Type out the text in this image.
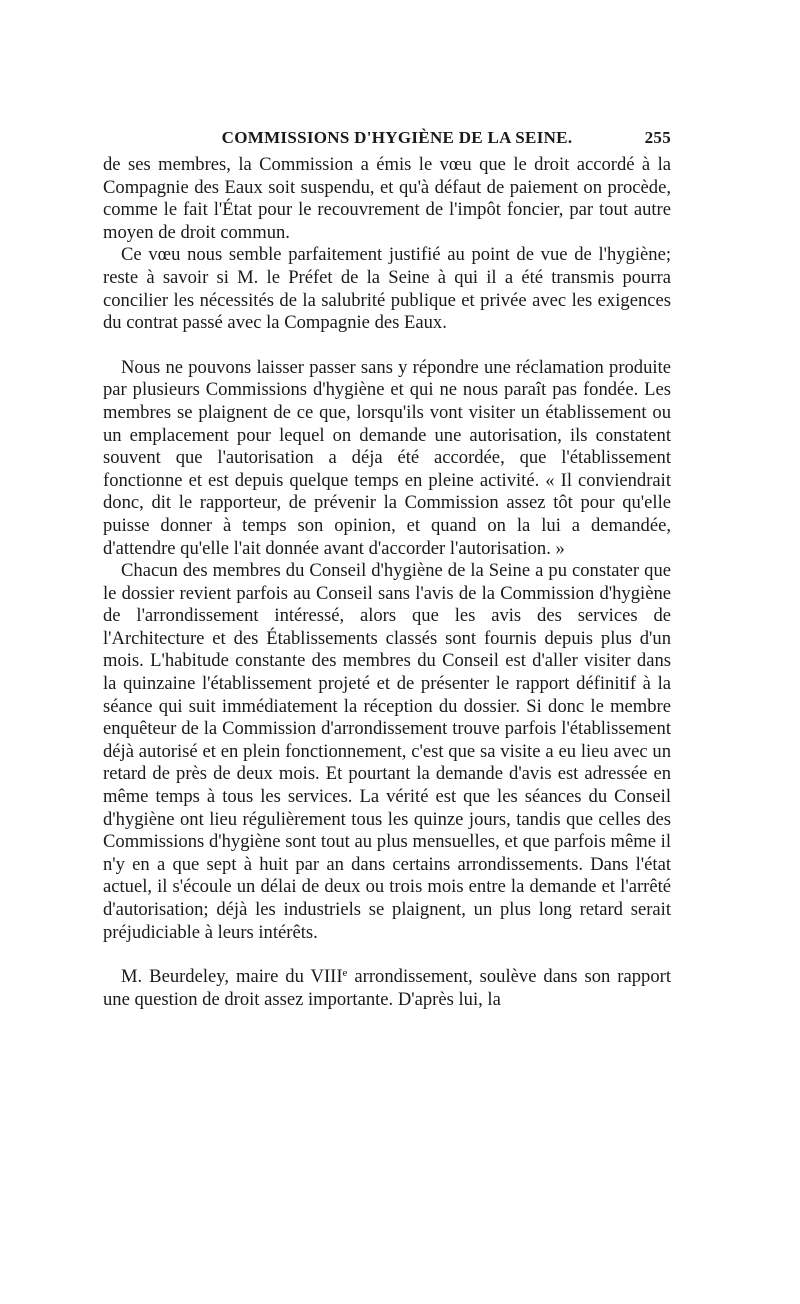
COMMISSIONS D'HYGIÈNE DE LA SEINE.	255

de ses membres, la Commission a émis le vœu que le droit accordé à la Compagnie des Eaux soit suspendu, et qu'à défaut de paiement on procède, comme le fait l'État pour le recouvrement de l'impôt foncier, par tout autre moyen de droit commun.

Ce vœu nous semble parfaitement justifié au point de vue de l'hygiène; reste à savoir si M. le Préfet de la Seine à qui il a été transmis pourra concilier les nécessités de la salubrité publique et privée avec les exigences du contrat passé avec la Compagnie des Eaux.

Nous ne pouvons laisser passer sans y répondre une réclamation produite par plusieurs Commissions d'hygiène et qui ne nous paraît pas fondée. Les membres se plaignent de ce que, lorsqu'ils vont visiter un établissement ou un emplacement pour lequel on demande une autorisation, ils constatent souvent que l'autorisation a déja été accordée, que l'établissement fonctionne et est depuis quelque temps en pleine activité. « Il conviendrait donc, dit le rapporteur, de prévenir la Commission assez tôt pour qu'elle puisse donner à temps son opinion, et quand on la lui a demandée, d'attendre qu'elle l'ait donnée avant d'accorder l'autorisation. »

Chacun des membres du Conseil d'hygiène de la Seine a pu constater que le dossier revient parfois au Conseil sans l'avis de la Commission d'hygiène de l'arrondissement intéressé, alors que les avis des services de l'Architecture et des Établissements classés sont fournis depuis plus d'un mois. L'habitude constante des membres du Conseil est d'aller visiter dans la quinzaine l'établissement projeté et de présenter le rapport définitif à la séance qui suit immédiatement la réception du dossier. Si donc le membre enquêteur de la Commission d'arrondissement trouve parfois l'établissement déjà autorisé et en plein fonctionnement, c'est que sa visite a eu lieu avec un retard de près de deux mois. Et pourtant la demande d'avis est adressée en même temps à tous les services. La vérité est que les séances du Conseil d'hygiène ont lieu régulièrement tous les quinze jours, tandis que celles des Commissions d'hygiène sont tout au plus mensuelles, et que parfois même il n'y en a que sept à huit par an dans certains arrondissements. Dans l'état actuel, il s'écoule un délai de deux ou trois mois entre la demande et l'arrêté d'autorisation; déjà les industriels se plaignent, un plus long retard serait préjudiciable à leurs intérêts.

M. Beurdeley, maire du VIIIe arrondissement, soulève dans son rapport une question de droit assez importante. D'après lui, la
